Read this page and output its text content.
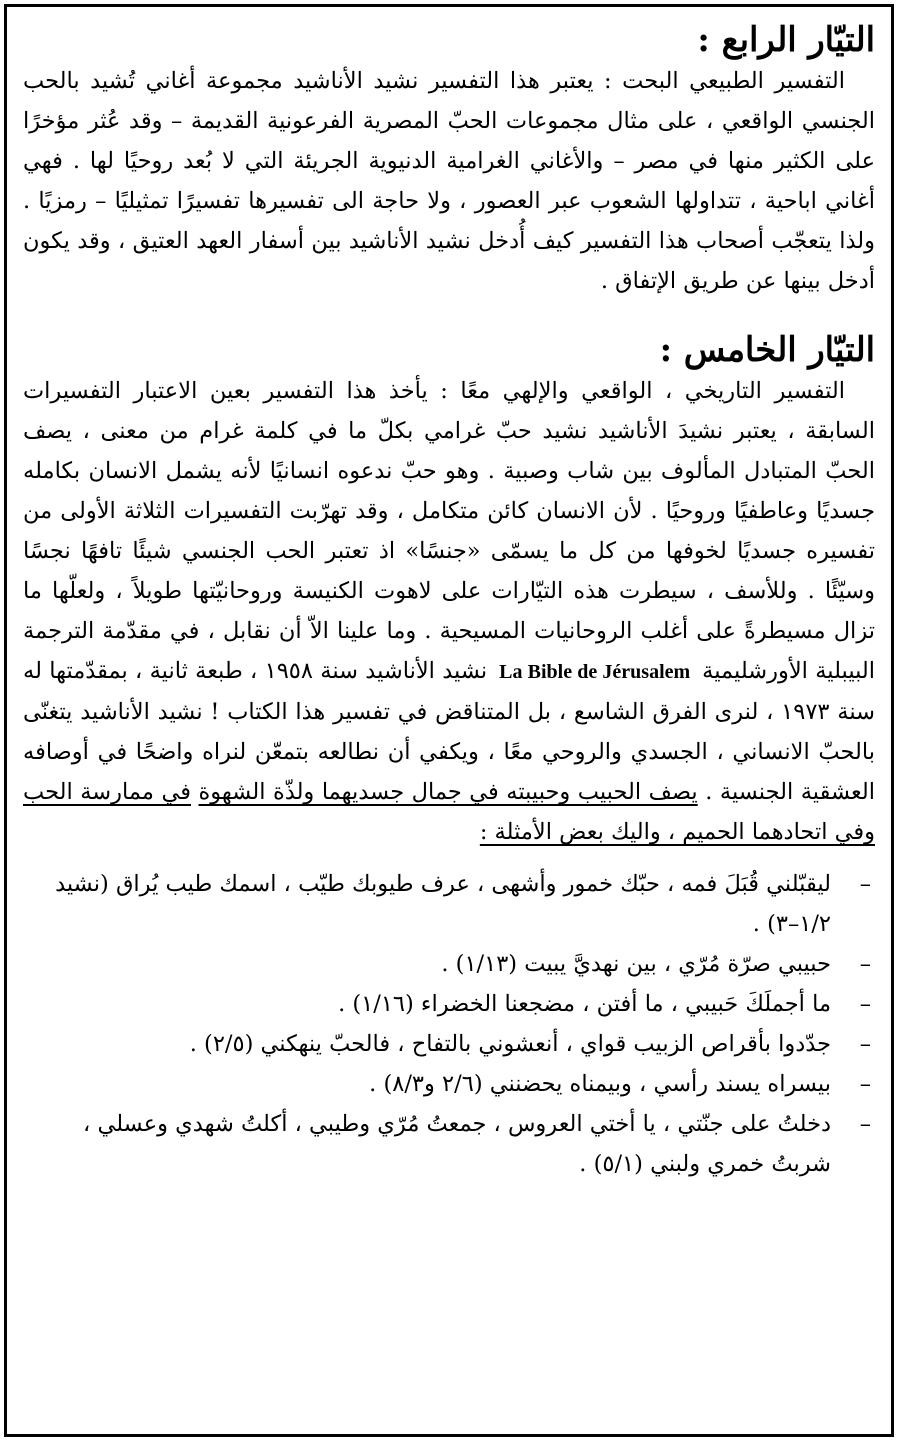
التيّار الرابع :

التفسير الطبيعي البحت : يعتبر هذا التفسير نشيد الأناشيد مجموعة أغاني تُشيد بالحب الجنسي الواقعي ، على مثال مجموعات الحبّ المصرية الفرعونية القديمة – وقد عُثر مؤخرًا على الكثير منها في مصر – والأغاني الغرامية الدنيوية الجريئة التي لا بُعد روحيًا لها . فهي أغاني اباحية ، تتداولها الشعوب عبر العصور ، ولا حاجة الى تفسيرها تفسيرًا تمثيليًا – رمزيًا . ولذا يتعجّب أصحاب هذا التفسير كيف أُدخل نشيد الأناشيد بين أسفار العهد العتيق ، وقد يكون أدخل بينها عن طريق الإتفاق .

التيّار الخامس :

التفسير التاريخي ، الواقعي والإلهي معًا : يأخذ هذا التفسير بعين الاعتبار التفسيرات السابقة ، يعتبر نشيدَ الأناشيد نشيد حبّ غرامي بكلّ ما في كلمة غرام من معنى ، يصف الحبّ المتبادل المألوف بين شاب وصبية . وهو حبّ ندعوه انسانيًا لأنه يشمل الانسان بكامله جسديًا وعاطفيًا وروحيًا . لأن الانسان كائن متكامل ، وقد تهرّبت التفسيرات الثلاثة الأولى من تفسيره جسديًا لخوفها من كل ما يسمّى «جنسًا» اذ تعتبر الحب الجنسي شيئًا تافهًا نجسًا وسيّئًا . وللأسف ، سيطرت هذه التيّارات على لاهوت الكنيسة وروحانيّتها طويلاً ، ولعلّها ما تزال مسيطرةً على أغلب الروحانيات المسيحية . وما علينا الاّ أن نقابل ، في مقدّمة الترجمة البيبلية الأورشليميةLa Bible de Jérusalemنشيد الأناشيد سنة ١٩٥٨ ، طبعة ثانية ، بمقدّمتها له سنة ١٩٧٣ ، لنرى الفرق الشاسع ، بل المتناقض في تفسير هذا الكتاب ! نشيد الأناشيد يتغنّى بالحبّ الانساني ، الجسدي والروحي معًا ، ويكفي أن نطالعه بتمعّن لنراه واضحًا في أوصافه العشقية الجنسية . يصف الحبيب وحبيبته في جمال جسديهما ولذّة الشهوة في ممارسة الحب وفي اتحادهما الحميم ، واليك بعض الأمثلة :

–
ليقبّلني قُبَلَ فمه ، حبّك خمور وأشهى ، عرف طيوبك طيّب ، اسمك طيب يُراق (نشيد ١/٢–٣) .
–
حبيبي صرّة مُرّي ، بين نهديَّ يبيت (١/١٣) .
–
ما أجملَكَ حَبيبي ، ما أفتن ، مضجعنا الخضراء (١/١٦) .
–
جدّدوا بأقراص الزبيب قواي ، أنعشوني بالتفاح ، فالحبّ ينهكني (٢/٥) .
–
بيسراه يسند رأسي ، وبيمناه يحضنني (٢/٦ و٨/٣) .
–
دخلتُ على جنّتي ، يا أختي العروس ، جمعتُ مُرّي وطيبي ، أكلتُ شهدي وعسلي ، شربتُ خمري ولبني (٥/١) .
